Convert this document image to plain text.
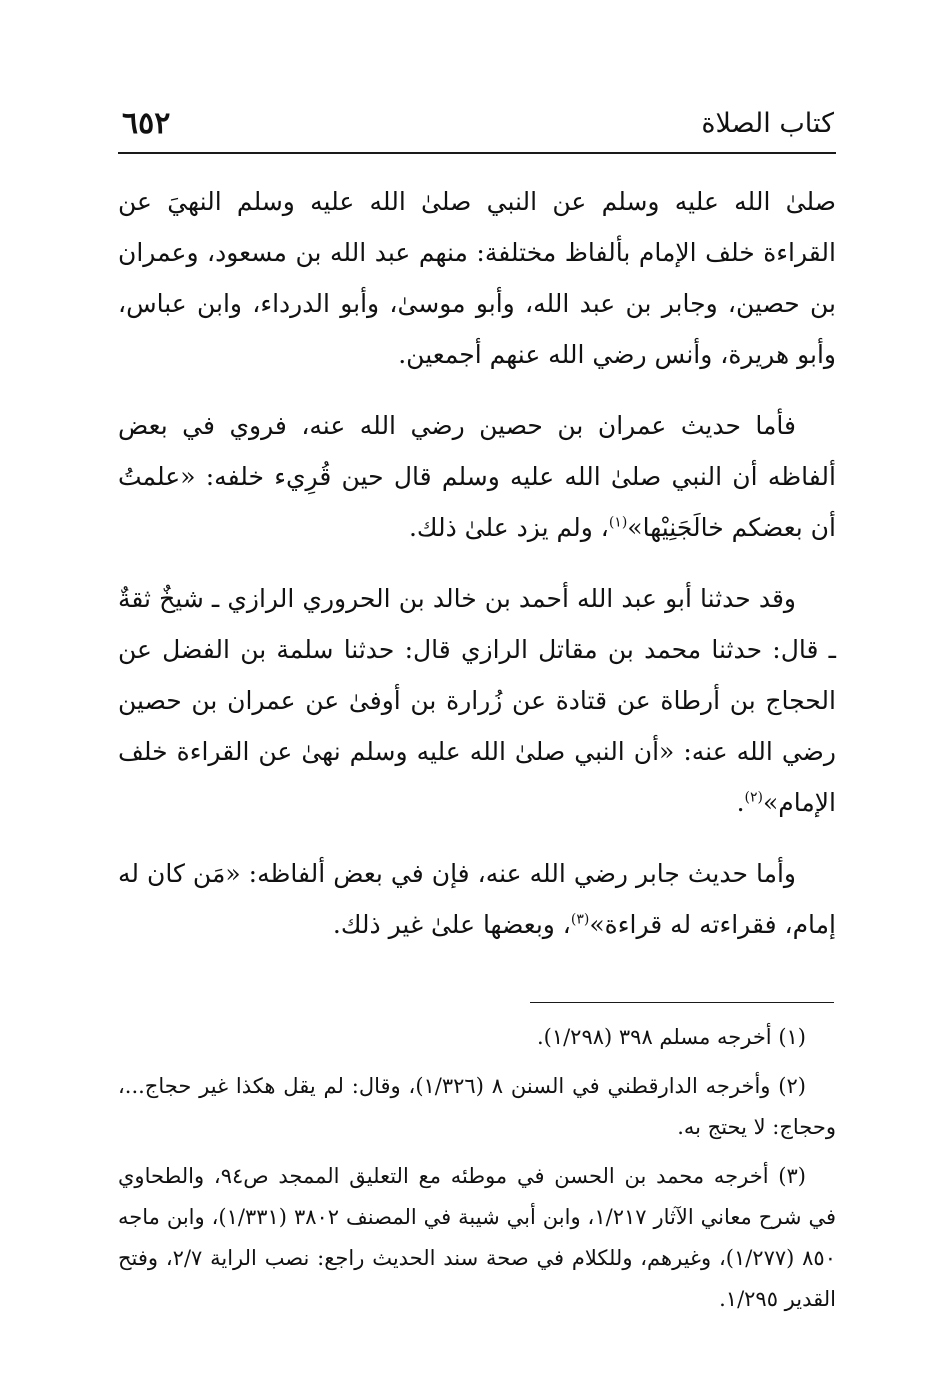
٦٥٢	كتاب الصلاة

صلىٰ الله عليه وسلم عن النبي صلىٰ الله عليه وسلم النهيَ عن القراءة خلف الإمام بألفاظ مختلفة: منهم عبد الله بن مسعود، وعمران بن حصين، وجابر بن عبد الله، وأبو موسىٰ، وأبو الدرداء، وابن عباس، وأبو هريرة، وأنس رضي الله عنهم أجمعين.

فأما حديث عمران بن حصين رضي الله عنه، فروي في بعض ألفاظه أن النبي صلىٰ الله عليه وسلم قال حين قُرِيء خلفه: «علمتُ أن بعضكم خالَجَنِيْها»$^{(١)}$، ولم يزد علىٰ ذلك.

وقد حدثنا أبو عبد الله أحمد بن خالد بن الحروري الرازي ـ شيخٌ ثقةٌ ـ قال: حدثنا محمد بن مقاتل الرازي قال: حدثنا سلمة بن الفضل عن الحجاج بن أرطاة عن قتادة عن زُرارة بن أوفىٰ عن عمران بن حصين رضي الله عنه: «أن النبي صلىٰ الله عليه وسلم نهىٰ عن القراءة خلف الإمام»$^{(٢)}$.

وأما حديث جابر رضي الله عنه، فإن في بعض ألفاظه: «مَن كان له إمام، فقراءته له قراءة»$^{(٣)}$، وبعضها علىٰ غير ذلك.

(١) أخرجه مسلم ٣٩٨ (١/٢٩٨).

(٢) وأخرجه الدارقطني في السنن ٨ (١/٣٢٦)، وقال: لم يقل هكذا غير حجاج...، وحجاج: لا يحتج به.

(٣) أخرجه محمد بن الحسن في موطئه مع التعليق الممجد ص٩٤، والطحاوي في شرح معاني الآثار ١/٢١٧، وابن أبي شيبة في المصنف ٣٨٠٢ (١/٣٣١)، وابن ماجه ٨٥٠ (١/٢٧٧)، وغيرهم، وللكلام في صحة سند الحديث راجع: نصب الراية ٢/٧، وفتح القدير ١/٢٩٥.
